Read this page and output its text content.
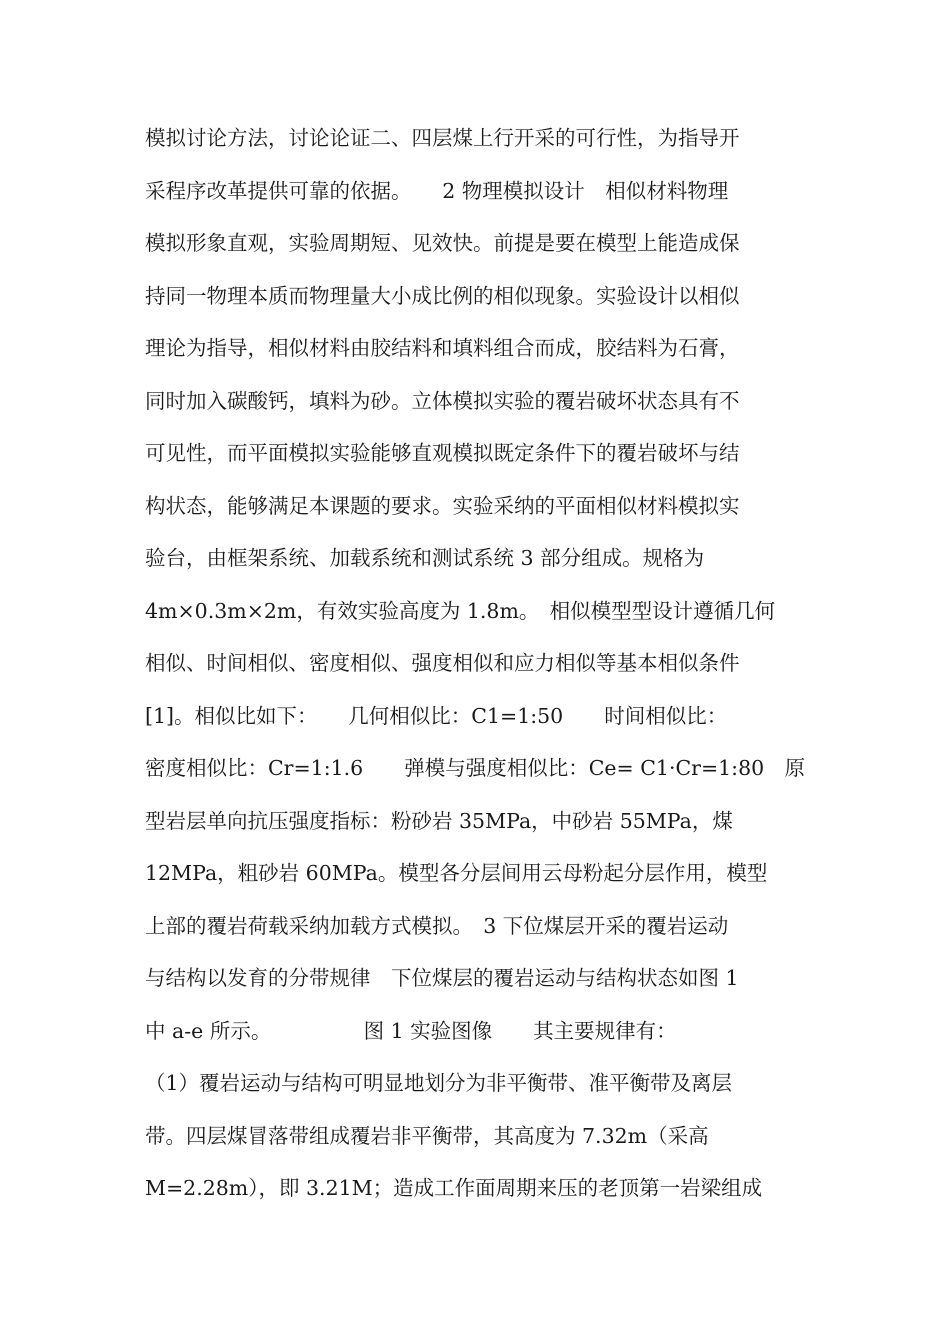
模拟讨论方法，讨论论证二、四层煤上行开采的可行性，为指导开
采程序改革提供可靠的依据。　　2 物理模拟设计　相似材料物理
模拟形象直观，实验周期短、见效快。前提是要在模型上能造成保
持同一物理本质而物理量大小成比例的相似现象。实验设计以相似
理论为指导，相似材料由胶结料和填料组合而成，胶结料为石膏，
同时加入碳酸钙，填料为砂。立体模拟实验的覆岩破坏状态具有不
可见性，而平面模拟实验能够直观模拟既定条件下的覆岩破坏与结
构状态，能够满足本课题的要求。实验采纳的平面相似材料模拟实
验台，由框架系统、加载系统和测试系统 3 部分组成。规格为
4m×0.3m×2m，有效实验高度为 1.8m。　相似模型型设计遵循几何
相似、时间相似、密度相似、强度相似和应力相似等基本相似条件
[1]。相似比如下：　　几何相似比：C1=1:50　　时间相似比：
密度相似比：Cr=1:1.6　　弹模与强度相似比：Ce= C1·Cr=1:80　原
型岩层单向抗压强度指标：粉砂岩 35MPa，中砂岩 55MPa，煤
12MPa，粗砂岩 60MPa。模型各分层间用云母粉起分层作用，模型
上部的覆岩荷载采纳加载方式模拟。　3 下位煤层开采的覆岩运动
与结构以发育的分带规律　下位煤层的覆岩运动与结构状态如图 1
中 a-e 所示。　　　　　图 1 实验图像　　其主要规律有：
（1）覆岩运动与结构可明显地划分为非平衡带、准平衡带及离层
带。四层煤冒落带组成覆岩非平衡带，其高度为 7.32m（采高
M=2.28m），即 3.21M；造成工作面周期来压的老顶第一岩梁组成
